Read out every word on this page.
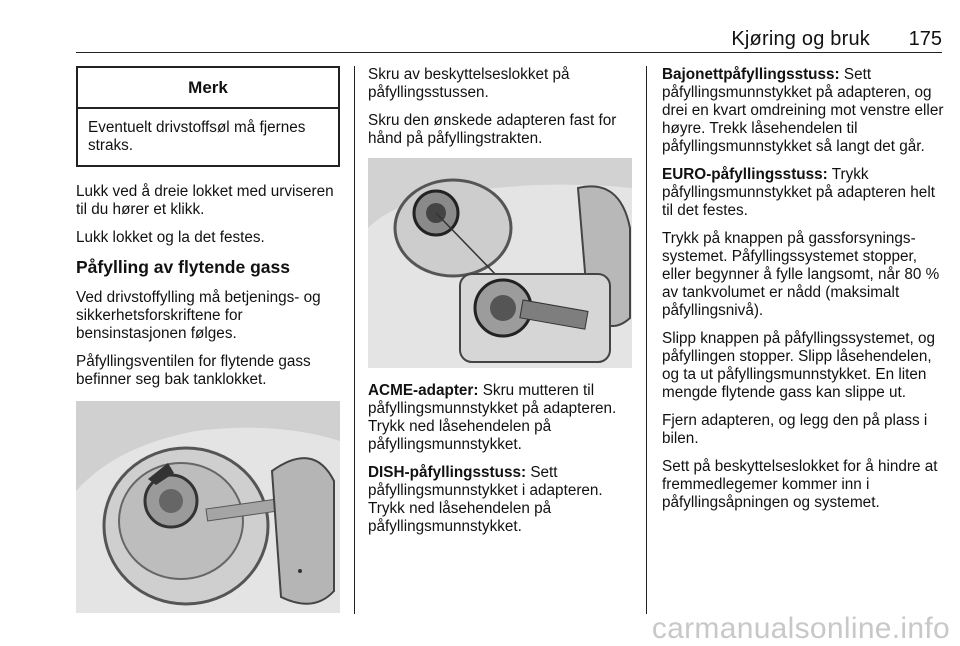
Kjøring og bruk	175
Merk
Eventuelt drivstoffsøl må fjernes straks.

Lukk ved å dreie lokket med urviseren til du hører et klikk.

Lukk lokket og la det festes.

Påfylling av flytende gass

Ved drivstoffylling må betjenings- og sikkerhetsforskriftene for bensinstasjonen følges.

Påfyllingsventilen for flytende gass befinner seg bak tanklokket.

Skru av beskyttelseslokket på påfyllingsstussen.

Skru den ønskede adapteren fast for hånd på påfyllingstrakten.

ACME-adapter: Skru mutteren til påfyllingsmunnstykket på adapteren. Trykk ned låsehendelen på påfyllingsmunnstykket.

DISH-påfyllingsstuss: Sett påfyllingsmunnstykket i adapteren. Trykk ned låsehendelen på påfyllingsmunnstykket.

Bajonettpåfyllingsstuss: Sett påfyllingsmunnstykket på adapteren, og drei en kvart omdreining mot venstre eller høyre. Trekk låsehendelen til påfyllingsmunnstykket så langt det går.

EURO-påfyllingsstuss: Trykk påfyllingsmunnstykket på adapteren helt til det festes.

Trykk på knappen på gassforsynings-systemet. Påfyllingssystemet stopper, eller begynner å fylle langsomt, når 80 % av tankvolumet er nådd (maksimalt påfyllingsnivå).

Slipp knappen på påfyllingssystemet, og påfyllingen stopper. Slipp låsehendelen, og ta ut påfyllingsmunnstykket. En liten mengde flytende gass kan slippe ut.

Fjern adapteren, og legg den på plass i bilen.

Sett på beskyttelseslokket for å hindre at fremmedlegemer kommer inn i påfyllingsåpningen og systemet.

carmanualsonline.info
